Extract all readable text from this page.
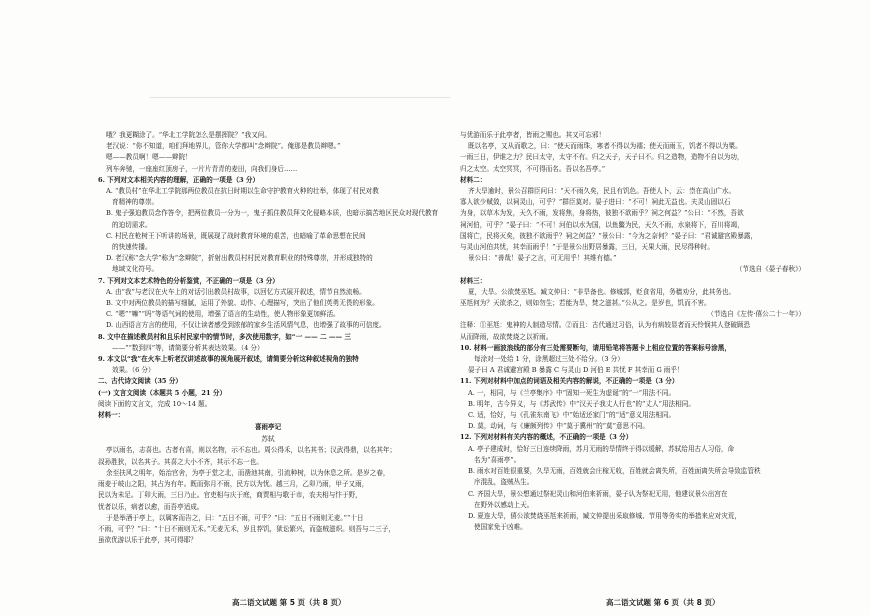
哦？我更糊涂了。“华北工学院怎么是摆挥院？”我又问。
老汉说：“你不知道，咱们拜地界儿，管你大学都叫“念辫院”。俺那是教员辫嗯。”
嗯——教员啊！嗯——辫院！
列车奔驰，一座座红顶房子，一片片青青的麦田，向我们身后……
6. 下列对文本相关内容的理解，正确的一项是（3 分）
A. “教员村”在华北工学院那两位教员在抗日时期以生命守护教育火种的壮举，体现了村民对教
育精神的尊崇。
B. 鬼子强迫教员念作答令，把两位教员一分为一，鬼子抓住教员拜文化侵略本质，也暗示搞苦地区民众对现代教育
的迫切需求。
C. 村民在枪树王下听讲的场景，既展现了战时教育环境的艰苦，也暗喻了革命思想在民间
的快速传播。
D. 老汉称“念大学”称为“念辫院”，折射出教员村村民对教育职业的特殊尊崇，并形成独特的
地域文化符号。
7. 下列对文本艺术特色的分析鉴赏，不正确的一项是（3 分）
A. 由“我”与老汉在火车上的对话引出教员村故事，以回忆方式展开叙述，情节自然流畅。
B. 文中对两位教员的描写细腻，运用了外貌、动作、心理描写，突出了他们英勇无畏的形象。
C. “嗯”“嘛”“吗”等语气词的使用，增强了语言的生动性，使人物形象更加鲜活。
D. 山西语言方言的使用，不仅让读者感受到浓郁的家乡生活风情气息，也增强了故事的可信度。
8. 文中在描述教员村和且乐村民家中的情节时，多次使用数字，如“一 —— 二 —— 三
——”“数到四”等，请简要分析其表达效果。（4 分）
9. 本文以“我”在火车上听老汉讲述故事的视角展开叙述，请简要分析这种叙述视角的独特
效果。（6 分）
二、古代诗文阅读（35 分）
(一) 文言文阅读（本题共 5 小题，21 分）
阅读下面的文言文，完成 10～14 题。
材料一：
喜雨亭记
苏轼
亭以雨名，志喜也。古者有喜，则以名物，示不忘也。周公得禾，以名其书；汉武得鼎，以名其年；
叔孙胜狄，以名其子。其喜之大小不齐，其示不忘一也。
余至扶风之明年，始治官舍，为亭于堂之北，而凿池其南，引流种树，以为休息之所。是岁之春，
雨麦于岐山之阳，其占为有年。既而弥月不雨，民方以为忧。越三月，乙卯乃雨，甲子又雨，
民以为未足。丁卯大雨，三日乃止。官吏相与庆于庭，商贾相与歌于市，农夫相与忭于野，
忧者以乐，病者以愈，而吾亭适成。
于是举酒于亭上，以属客而告之，曰：“五日不雨，可乎？”曰：“五日不雨则无麦。”“十日
不雨，可乎？”曰：“十日不雨则无禾。”无麦无禾，岁且荐饥，狱讼繁兴，而盗贼滋炽。则吾与二三子，
虽欲优游以乐于此亭，其可得耶？
与优游而乐于此亭者，皆雨之赐也。其又可忘邪！
既以名亭，又从而歌之，曰：“使天而雨珠，寒者不得以为襦；使天而雨玉，饥者不得以为粟。
一雨三日，伊谁之力？民曰太守，太守不有。归之天子，天子曰不。归之造物，造物不自以为功，
归之太空。太空冥冥，不可得而名。吾以名吾亭。”
材料二：
齐大旱逾时，景公召群臣问曰：“天不雨久矣，民且有饥色。吾使人卜，云：祟在高山广水。
寡人欲少赋敛，以祠灵山，可乎？”群臣莫对。晏子进曰：“不可！祠此无益也。夫灵山固以石
为身，以草木为发，天久不雨，发将焦，身将热，彼独不欲雨乎？祠之何益？”公曰：“不然，吾欲
祠河伯，可乎？”晏子曰：“不可！河伯以水为国，以鱼鳖为民，天久不雨，水泉将下，百川将竭，
国将亡，民将灭矣，彼独不欲雨乎？祠之何益？”景公曰：“今为之奈何？”晏子曰：“君诚避宫殿暴露，
与灵山河伯共忧，其幸而雨乎！”于是景公出野居暴露，三日，天果大雨，民尽得种时。
景公曰：“善哉！晏子之言，可无用乎！其维有德。”
（节选自《晏子春秋》）
材料三：
夏，大旱。公欲焚巫尪。臧文仲曰：“非旱备也。修城郭，贬食省用，务穑劝分，此其务也。
巫尪何为？天欲杀之，则如勿生；若能为旱，焚之滋甚。”公从之。是岁也，饥而不害。
（节选自《左传·僖公二十一年》）
注释：①巫尪：鬼神的人制造尽情。②而且：古代通过习俗，认为有病较显者而天怜悯其人登破顾恐
从而降雨，故欲焚烧之以祈雨。
10. 材料一画波浪线的部分有三处需要断句，请用铅笔将答题卡上相应位置的答案标号涂黑，
每涂对一处给 1 分，涂黑超过三处不给分。（3 分）
晏子曰 A 君诚避宫殿 B 暴露 C 与灵山 D 河伯 E 共忧 F 其幸而 G 雨乎！
11. 下列对材料中加点的词语及相关内容的解说，不正确的一项是（3 分）
A. 一，相同，与《兰亭集序》中“固知一死生为虚诞”的“一”用法不同。
B. 明年，古今异义，与《苏武传》中“汉天子我丈人行也”的“丈人”用法相同。
C. 适，恰好，与《孔雀东南飞》中“始适还家门”的“适”意义用法相同。
D. 莫，动词，与《廉颇列传》中“莫于冀州”的“莫”意思不同。
12. 下列对材料有关内容的概述，不正确的一项是（3 分）
A. 亭子建成时，恰好三日连续降雨，苏月无雨的旱情终于得以缓解，苏轼给用古人习俗，命
名为“喜雨亭”。
B. 雨水对百姓很重要，久旱无雨，百姓就会庄稼无收，百姓就会离失所，百姓面离失所会导致监管秩
序混乱，盗贼丛生。
C. 齐国大旱，景公想通过祭祀灵山和河伯来祈雨，晏子认为祭祀无用，他建议景公出宫在
在野外以感动上天。
D. 夏连大旱，僖公欲焚烧巫尪来祈雨，臧文仲提出采取修城、节用等务实的举措来应对灾荒，
使国家免于凶难。
高二语文试题 第 5 页（共 8 页）	高二语文试题 第 6 页（共 8 页）
